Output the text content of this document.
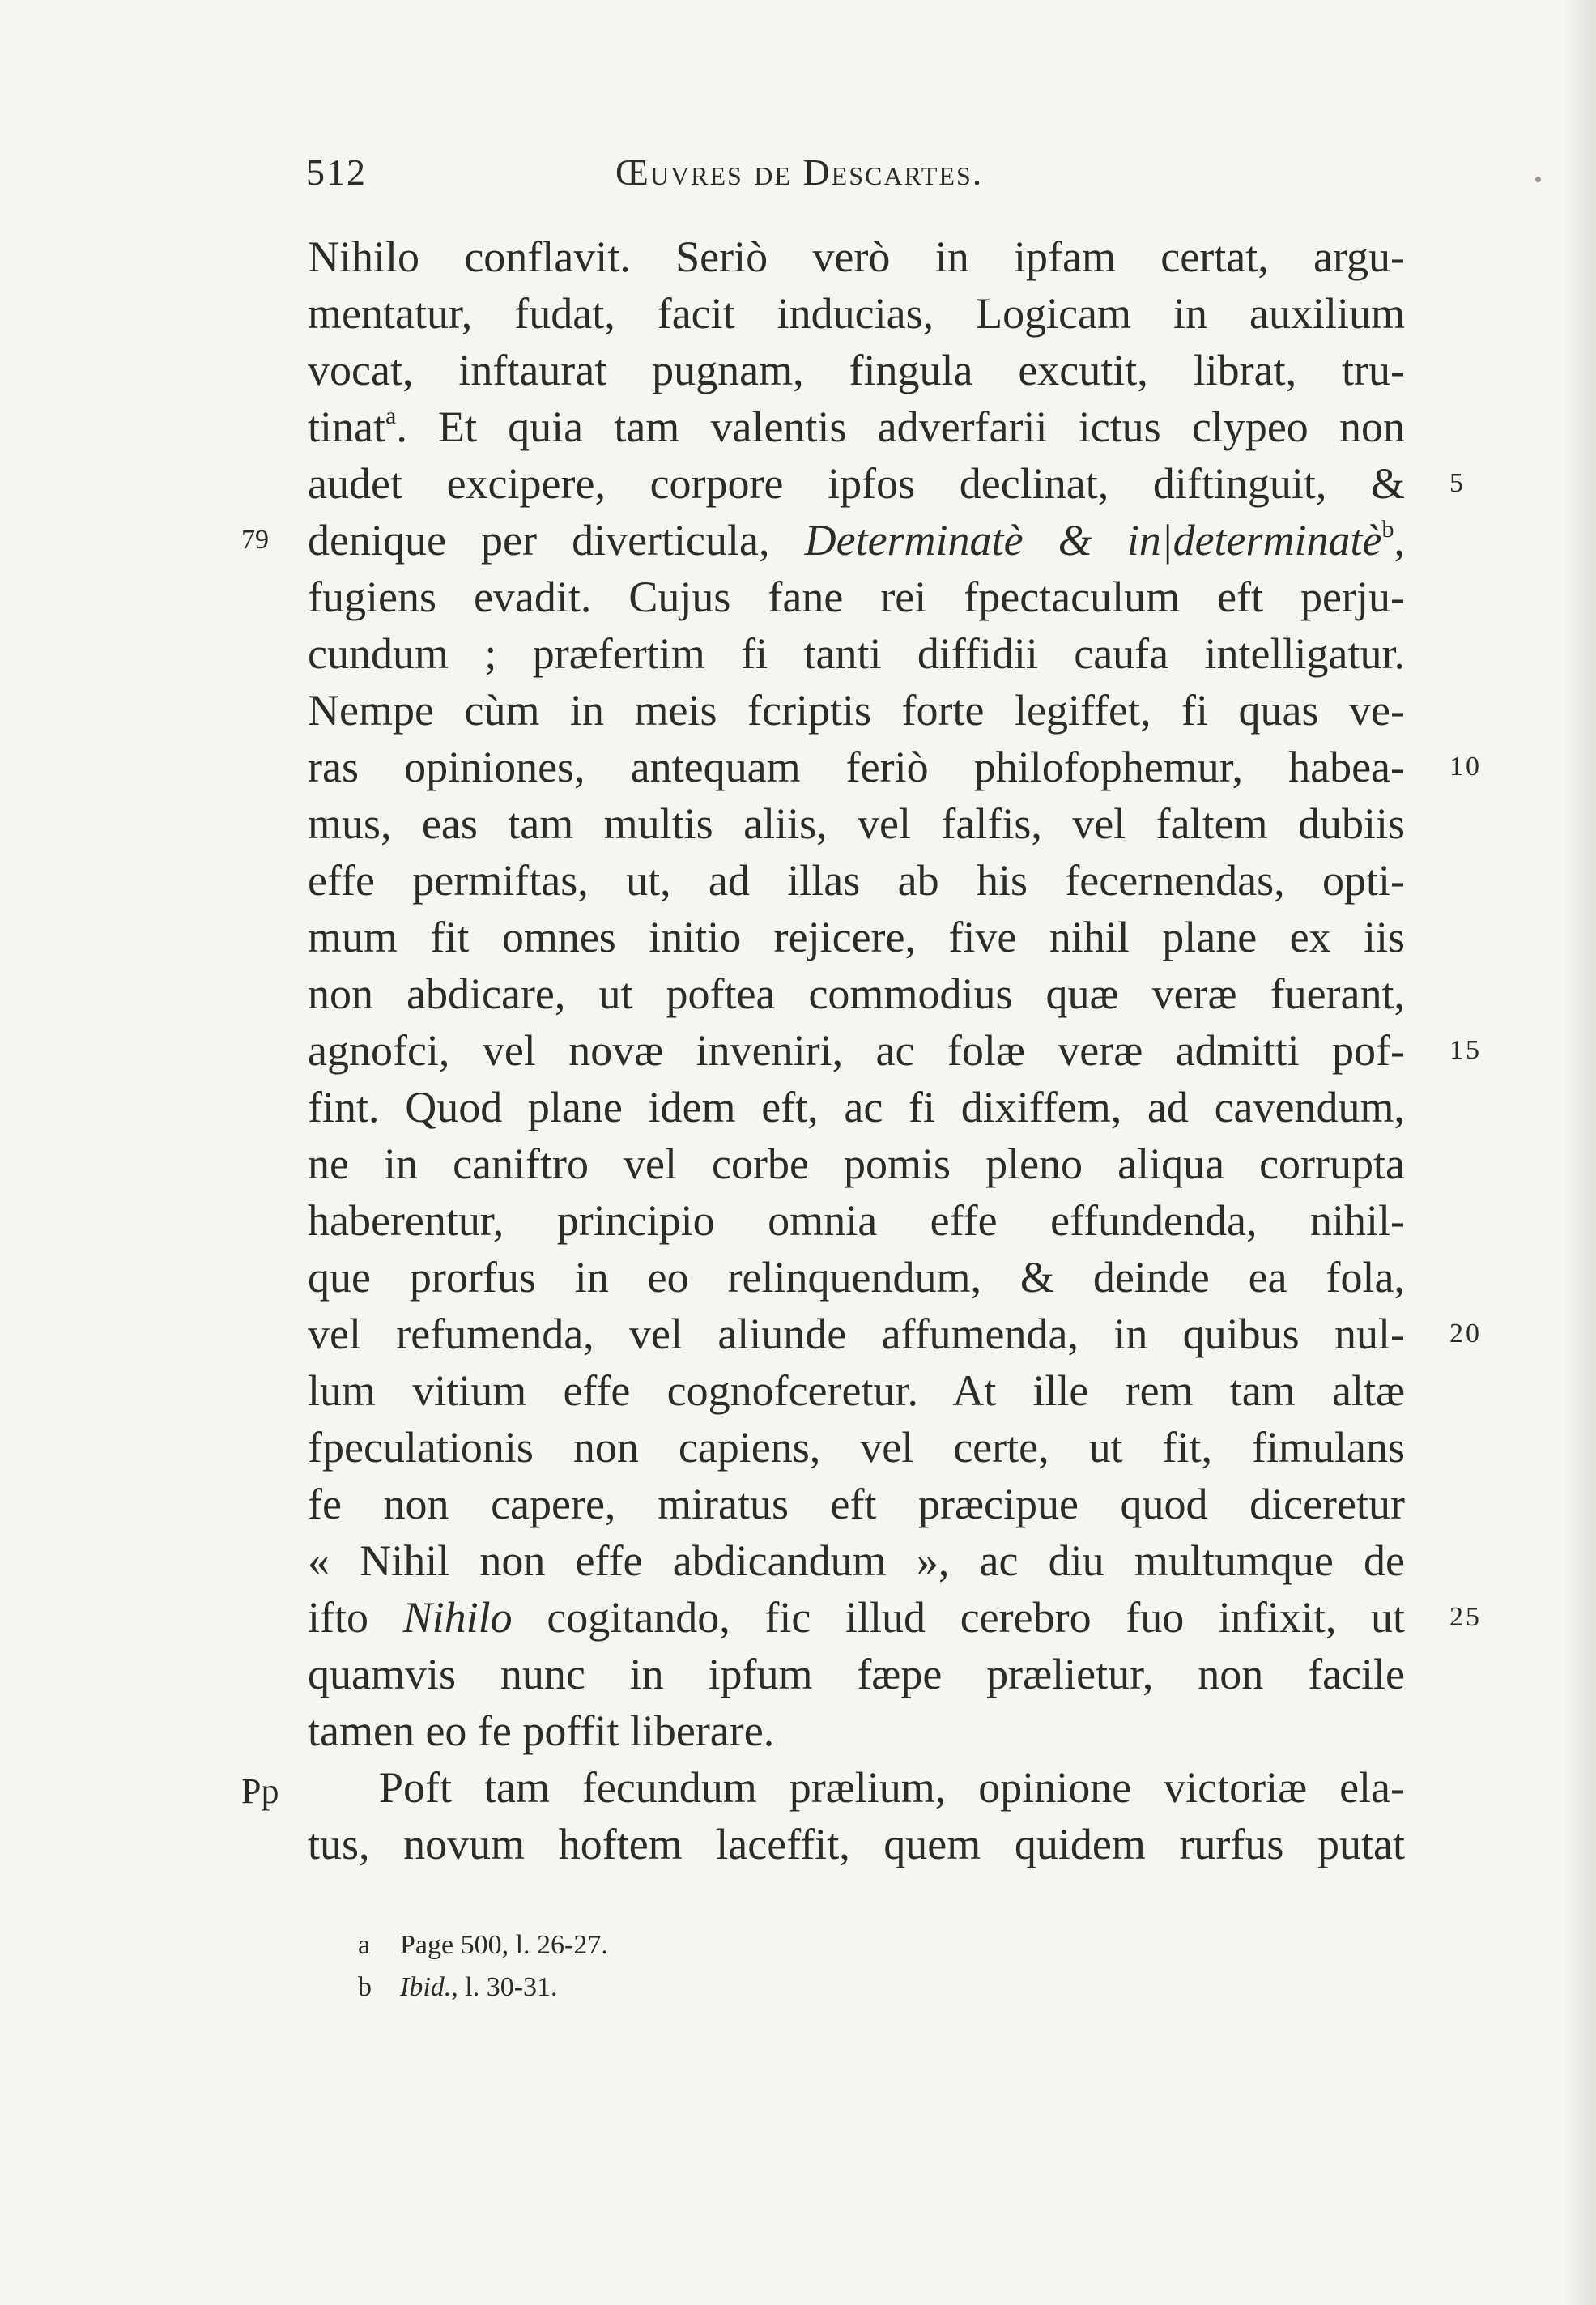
512	Œuvres de Descartes.
Nihilo conflavit. Seriò verò in ipfam certat, argu-
mentatur, fudat, facit inducias, Logicam in auxilium
vocat, inftaurat pugnam, fingula excutit, librat, tru-
tinat$^a$. Et quia tam valentis adverfarii ictus clypeo non
audet excipere, corpore ipfos declinat, diftinguit, &
denique per diverticula, Determinatè & in|determinatè$^b$,
fugiens evadit. Cujus fane rei fpectaculum eft perju-
cundum ; præfertim fi tanti diffidii caufa intelligatur.
Nempe cùm in meis fcriptis forte legiffet, fi quas ve-
ras opiniones, antequam feriò philofophemur, habea-
mus, eas tam multis aliis, vel falfis, vel faltem dubiis
effe permiftas, ut, ad illas ab his fecernendas, opti-
mum fit omnes initio rejicere, five nihil plane ex iis
non abdicare, ut poftea commodius quæ veræ fuerant,
agnofci, vel novæ inveniri, ac folæ veræ admitti pof-
fint. Quod plane idem eft, ac fi dixiffem, ad cavendum,
ne in caniftro vel corbe pomis pleno aliqua corrupta
haberentur, principio omnia effe effundenda, nihil-
que prorfus in eo relinquendum, & deinde ea fola,
vel refumenda, vel aliunde affumenda, in quibus nul-
lum vitium effe cognofceretur. At ille rem tam altæ
fpeculationis non capiens, vel certe, ut fit, fimulans
fe non capere, miratus eft præcipue quod diceretur
« Nihil non effe abdicandum », ac diu multumque de
ifto Nihilo cogitando, fic illud cerebro fuo infixit, ut
quamvis nunc in ipfum fæpe prælietur, non facile
tamen eo fe poffit liberare.
Poft tam fecundum prælium, opinione victoriæ ela-
tus, novum hoftem laceffit, quem quidem rurfus putat
79
Pp
5
10
15
20
25
a Page 500, l. 26-27.
b Ibid., l. 30-31.
